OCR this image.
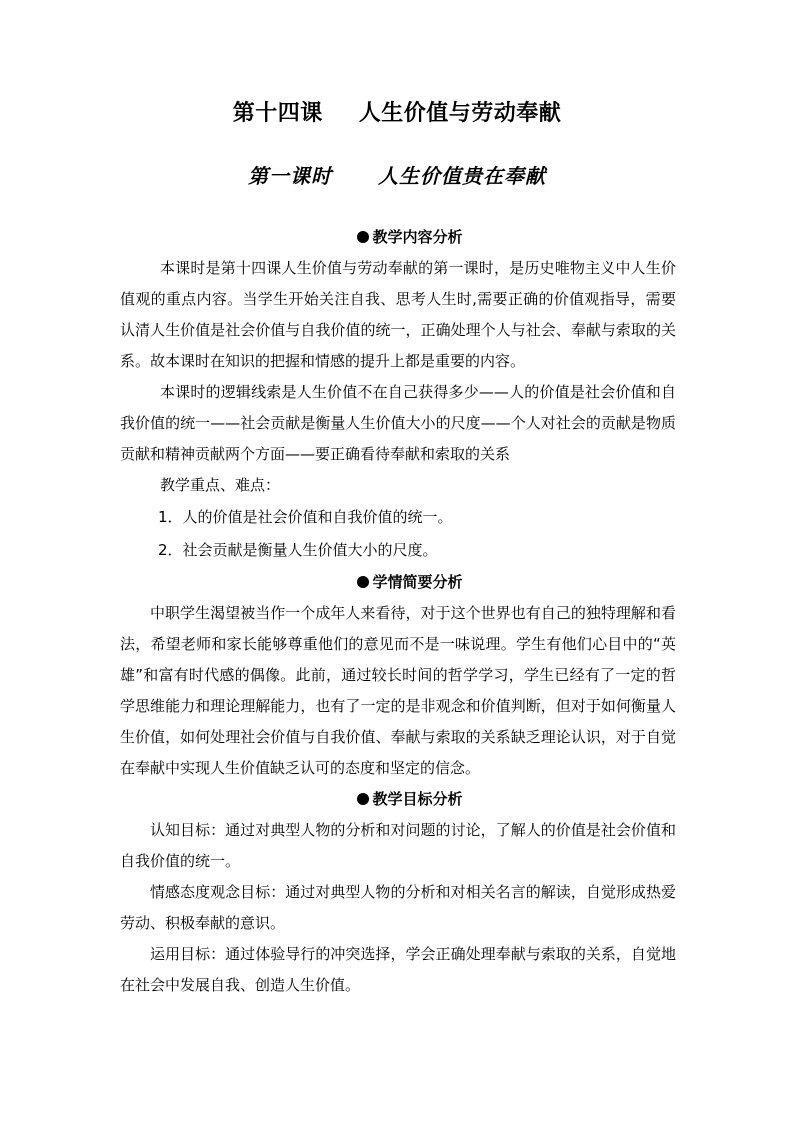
第十四课 人生价值与劳动奉献
第一课时 人生价值贵在奉献
教学内容分析

本课时是第十四课人生价值与劳动奉献的第一课时，是历史唯物主义中人生价值观的重点内容。当学生开始关注自我、思考人生时,需要正确的价值观指导，需要认清人生价值是社会价值与自我价值的统一，正确处理个人与社会、奉献与索取的关系。故本课时在知识的把握和情感的提升上都是重要的内容。

本课时的逻辑线索是人生价值不在自己获得多少——人的价值是社会价值和自我价值的统一——社会贡献是衡量人生价值大小的尺度——个人对社会的贡献是物质贡献和精神贡献两个方面——要正确看待奉献和索取的关系

教学重点、难点：

1．人的价值是社会价值和自我价值的统一。

2．社会贡献是衡量人生价值大小的尺度。

学情简要分析

中职学生渴望被当作一个成年人来看待，对于这个世界也有自己的独特理解和看法，希望老师和家长能够尊重他们的意见而不是一味说理。学生有他们心目中的“英雄”和富有时代感的偶像。此前，通过较长时间的哲学学习，学生已经有了一定的哲学思维能力和理论理解能力，也有了一定的是非观念和价值判断，但对于如何衡量人生价值，如何处理社会价值与自我价值、奉献与索取的关系缺乏理论认识，对于自觉在奉献中实现人生价值缺乏认可的态度和坚定的信念。

教学目标分析

认知目标：通过对典型人物的分析和对问题的讨论，了解人的价值是社会价值和自我价值的统一。

情感态度观念目标：通过对典型人物的分析和对相关名言的解读，自觉形成热爱劳动、积极奉献的意识。

运用目标：通过体验导行的冲突选择，学会正确处理奉献与索取的关系，自觉地在社会中发展自我、创造人生价值。
